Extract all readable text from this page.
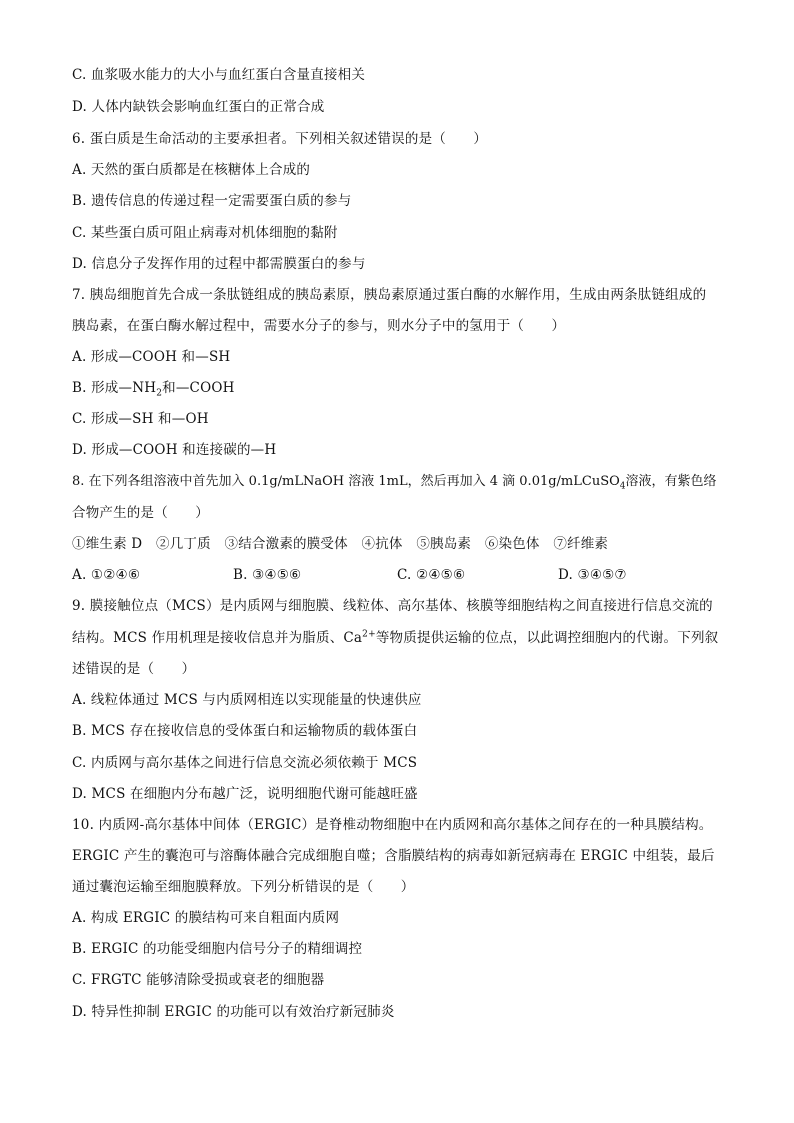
C. 血浆吸水能力的大小与血红蛋白含量直接相关
D. 人体内缺铁会影响血红蛋白的正常合成
6. 蛋白质是生命活动的主要承担者。下列相关叙述错误的是（　　）
A. 天然的蛋白质都是在核糖体上合成的
B. 遗传信息的传递过程一定需要蛋白质的参与
C. 某些蛋白质可阻止病毒对机体细胞的黏附
D. 信息分子发挥作用的过程中都需膜蛋白的参与
7. 胰岛细胞首先合成一条肽链组成的胰岛素原，胰岛素原通过蛋白酶的水解作用，生成由两条肽链组成的
胰岛素，在蛋白酶水解过程中，需要水分子的参与，则水分子中的氢用于（　　）
A. 形成—COOH 和—SH
B. 形成$—NH_2$和—COOH
C. 形成—SH 和—OH
D. 形成—COOH 和连接碳的—H
8. 在下列各组溶液中首先加入 0.1g/mLNaOH 溶液 1mL，然后再加入 4 滴 0.01g/mLCuSO$_4$溶液，有紫色络
合物产生的是（　　）
①维生素 D　②几丁质　③结合激素的膜受体　④抗体　⑤胰岛素　⑥染色体　⑦纤维素
A. ①②④⑥	B. ③④⑤⑥	C. ②④⑤⑥	D. ③④⑤⑦
9. 膜接触位点（MCS）是内质网与细胞膜、线粒体、高尔基体、核膜等细胞结构之间直接进行信息交流的
结构。MCS 作用机理是接收信息并为脂质、$Ca^{2+}$等物质提供运输的位点，以此调控细胞内的代谢。下列叙
述错误的是（　　）
A. 线粒体通过 MCS 与内质网相连以实现能量的快速供应
B. MCS 存在接收信息的受体蛋白和运输物质的载体蛋白
C. 内质网与高尔基体之间进行信息交流必须依赖于 MCS
D. MCS 在细胞内分布越广泛，说明细胞代谢可能越旺盛
10. 内质网-高尔基体中间体（ERGIC）是脊椎动物细胞中在内质网和高尔基体之间存在的一种具膜结构。
ERGIC 产生的囊泡可与溶酶体融合完成细胞自噬；含脂膜结构的病毒如新冠病毒在 ERGIC 中组装，最后
通过囊泡运输至细胞膜释放。下列分析错误的是（　　）
A. 构成 ERGIC 的膜结构可来自粗面内质网
B. ERGIC 的功能受细胞内信号分子的精细调控
C. FRGTC 能够清除受损或衰老的细胞器
D. 特异性抑制 ERGIC 的功能可以有效治疗新冠肺炎
